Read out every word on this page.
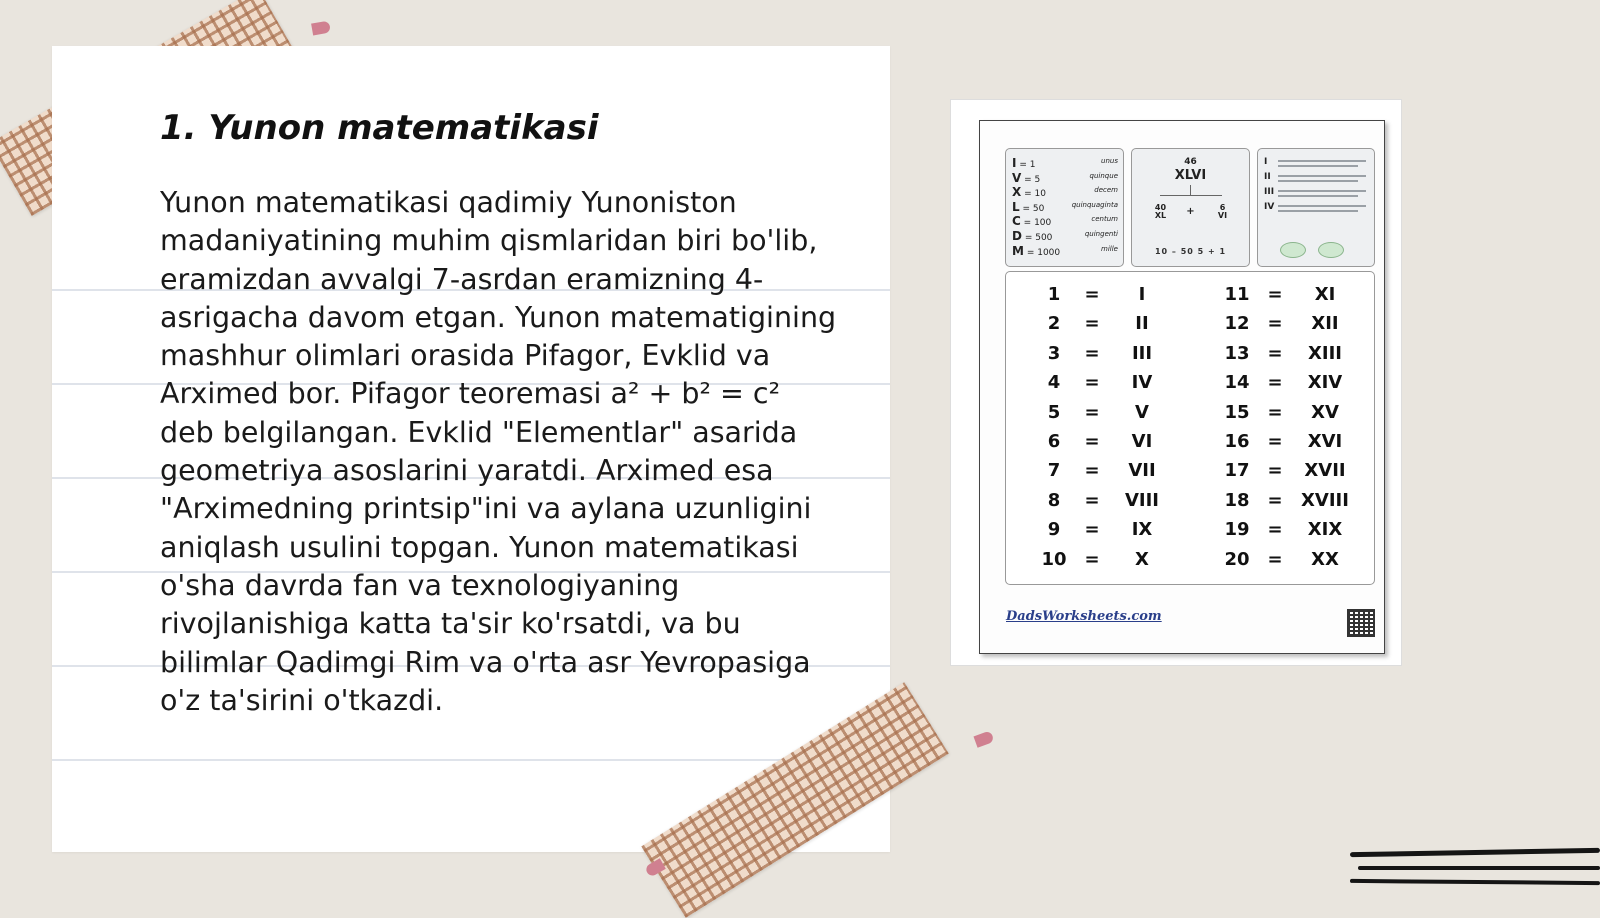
1. Yunon matematikasi

Yunon matematikasi qadimiy Yunoniston madaniyatining muhim qismlaridan biri bo'lib, eramizdan avvalgi 7-asrdan eramizning 4-asrigacha davom etgan. Yunon matematigining mashhur olimlari orasida Pifagor, Evklid va Arximed bor. Pifagor teoremasi a² + b² = c² deb belgilangan. Evklid "Elementlar" asarida geometriya asoslarini yaratdi. Arximed esa "Arximedning printsip"ini va aylana uzunligini aniqlash usulini topgan. Yunon matematikasi o'sha davrda fan va texnologiyaning rivojlanishiga katta ta'sir ko'rsatdi, va bu bilimlar Qadimgi Rim va o'rta asr Yevropasiga o'z ta'sirini o'tkazdi.

I = 1	unus
V = 5	quinque
X = 10	decem
L = 50	quinquaginta
C = 100	centum
D = 500	quingenti
M = 1000	mille
46
XLVI
40
XL	+	6
VI
10 – 50 5 + 1
I
II
III
IV
1	=	I
2	=	II
3	=	III
4	=	IV
5	=	V
6	=	VI
7	=	VII
8	=	VIII
9	=	IX
10 =	X
11 =	XI
12 =	XII
13 =	XIII
14 =	XIV
15 =	XV
16 =	XVI
17 =	XVII
18 =	XVIII
19 =	XIX
20 =	XX
DadsWorksheets.com
